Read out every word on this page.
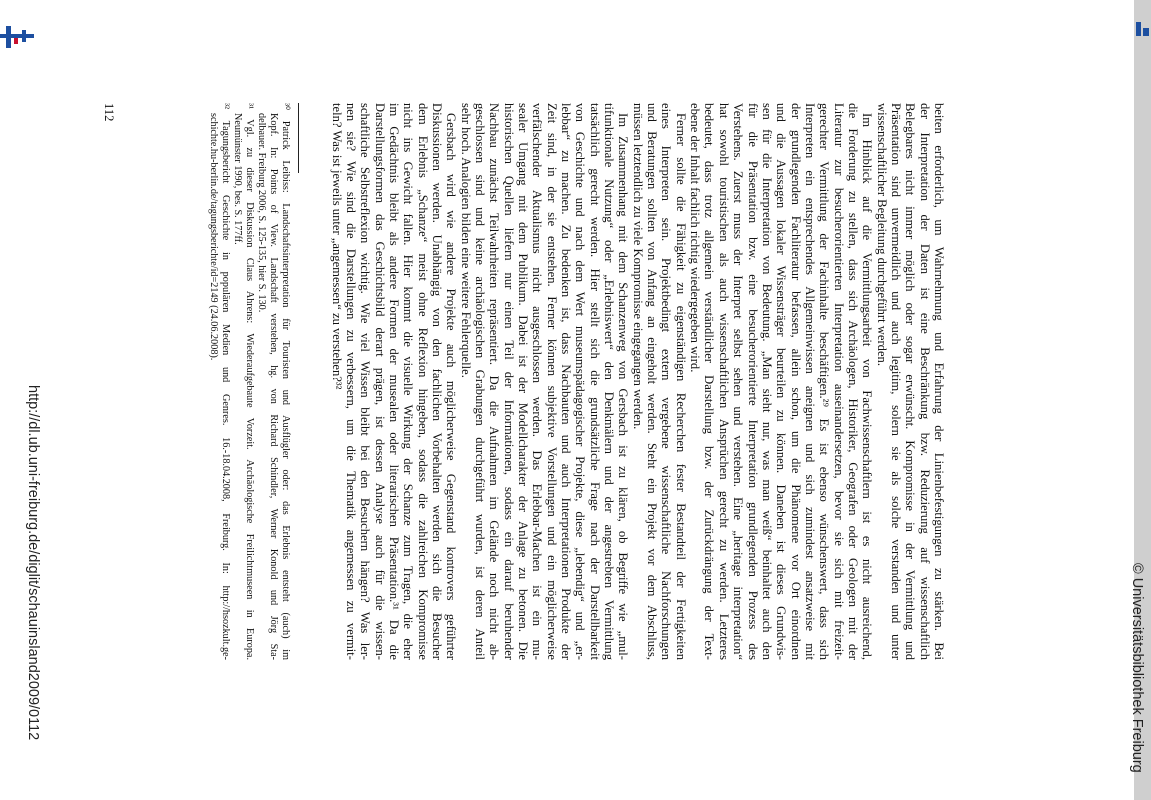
beiten erforderlich, um Wahrnehmung und Erfahrung der Linienbefestigungen zu stärken. Bei
der Interpretation der Daten ist eine Beschränkung bzw. Reduzierung auf wissenschaftlich
Belegbares nicht immer möglich oder sogar erwünscht. Kompromisse in der Vermittlung und
Präsentation sind unvermeidlich und auch legitim, solern sie als solche verstanden und unter
wissenschaftlicher Begleitung durchgeführt werden.
Im Hinblick auf die Vermittlungsarbeit von Fachwissenschaftlern ist es nicht ausreichend,
die Forderung zu stellen, dass sich Archäologen, Historiker, Geografen oder Geologen mit der
Literatur zur besucherorientierten Interpretation auseinandersetzen, bevor sie sich mit freizeit-
gerechter Vermittlung der Fachinhalte beschäftigen.²⁹ Es ist ebenso wünschenswert, dass sich
Interpreten ein entsprechendes Allgemeinwissen aneignen und sich zumindest ansatzweise mit
der grundlegenden Fachliteratur befassen, allein schon, um die Phänomene vor Ort einordnen
und die Aussagen lokaler Wissensträger beurteilen zu können. Daneben ist dieses Grundwis-
sen für die Interpretation von Bedeutung. „Man sieht nur, was man weiß“ beinhaltet auch den
für die Präsentation bzw. eine besucherorientierte Interpretation grundlegenden Prozess des
Verstehens. Zuerst muss der Interpret selbst sehen und verstehen. Eine „heritage interpretation“
hat sowohl touristischen als auch wissenschaftlichen Ansprüchen gerecht zu werden. Letzteres
bedeutet, dass trotz allgemein verständlicher Darstellung bzw. der Zurückdrängung der Text-
ebene der Inhalt fachlich richtig wiedergegeben wird.
Ferner sollte die Fähigkeit zu eigenständigen Recherchen fester Bestandteil der Fertigkeiten
eines Interpreten sein. Projektbedingt extern vergebene wissenschaftliche Nachforschungen
und Beratungen sollten von Anfang an eingeholt werden. Steht ein Projekt vor dem Abschluss,
müssen letztendlich zu viele Kompromisse eingegangen werden.
Im Zusammenhang mit dem Schanzenweg von Gersbach ist zu klären, ob Begriffe wie „mul-
tifunktionale Nutzung“ oder „Erlebniswert“ den Denkmälern und der angestrebten Vermittlung
tatsächlich gerecht werden. Hier stellt sich die grundsätzliche Frage nach der Darstellbarkeit
von Geschichte und nach dem Wert museumspädagogischer Projekte, diese „lebendig“ und „er-
lebbar“ zu machen. Zu bedenken ist, dass Nachbauten und auch Interpretationen Produkte der
Zeit sind, in der sie entstehen. Ferner können subjektive Vorstellungen und ein möglicherweise
verfälschender Aktualismus nicht ausgeschlossen werden. Das Erlebbar-Machen ist ein mu-
sealer Umgang mit dem Publikum. Dabei ist der Modellcharakter der Anlage zu betonen. Die
historischen Quellen liefern nur einen Teil der Informationen, sodass ein darauf beruhender
Nachbau zunächst Teilwahrheiten repräsentiert. Da die Aufnahmen im Gelände noch nicht ab-
geschlossen sind und keine archäologischen Grabungen durchgeführt wurden, ist deren Anteil
sehr hoch. Analogien bilden eine weitere Fehlerquelle.
Gersbach wird wie andere Projekte auch möglicherweise Gegenstand kontrovers geführter
Diskussionen werden. Unabhängig von den fachlichen Vorbehalten werden sich die Besucher
dem Erlebnis „Schanze“ meist ohne Reflexion hingeben, sodass die zahlreichen Kompromisse
nicht ins Gewicht fallen. Hier kommt die visuelle Wirkung der Schanze zum Tragen, die eher
im Gedächtnis bleibt als andere Formen der musealen oder literarischen Präsentation.³¹ Da die
Darstellungsformen das Geschichtsbild derart prägen, ist dessen Analyse auch für die wissen-
schaftliche Selbstreflexion wichtig. Wie viel Wissen bleibt bei den Besuchern hängen? Was ler-
nen sie? Wie sind die Darstellungen zu verbessern, um die Thematik angemessen zu vermit-
teln? Was ist jeweils unter „angemessen“ zu verstehen?³²
³⁰ Patrick Leibiss: Landschaftsinterpretation für Touristen und Ausflügler oder: das Erlebnis entsteht (auch) im
Kopf. In: Points of View. Landschaft verstehen, hg. von Richard Schindler, Werner Konold und Jörg Sta-
delbauer. Freiburg 2006, S. 125-135, hier S. 130.
³¹ Vgl. zu dieser Diskussion Claus Ahrens: Wiederaufgebaute Vorzeit. Archäologische Freilichtmuseen in Europa.
Neumünster 1990, bes. S. 177ff.
³² Tagungsbericht Geschichte in populären Medien und Genres. 16.-18.04.2008, Freiburg. In: http://hsozkult.ge-
schichte.hu-berlin.de/tagungsberichte/id=2149 (24.06.2008).
112
http://dl.ub.uni-freiburg.de/diglit/schauinsland2009/0112	© Universitätsbibliothek Freiburg
